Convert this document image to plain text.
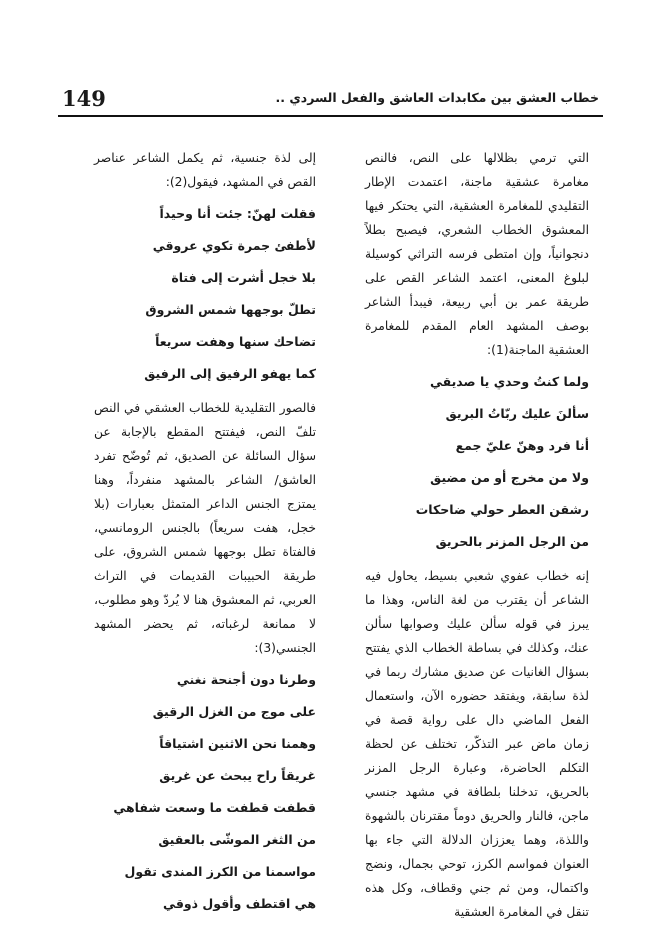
149	خطاب العشق بين مكابدات العاشق والفعل السردي ..

التي ترمي بظلالها على النص، فالنص مغامرة عشقية ماجنة، اعتمدت الإطار التقليدي للمغامرة العشقية، التي يحتكر فيها المعشوق الخطاب الشعري، فيصبح بطلاً دنجوانياً، وإن امتطى فرسه التراثي كوسيلة لبلوغ المعنى، اعتمد الشاعر القص على طريقة عمر بن أبي ربيعة، فيبدأ الشاعر بوصف المشهد العام المقدم للمغامرة العشقية الماجنة(1):

ولما كنتُ وحدي يا صديقي
سألنَ عليك ربّاتُ البريق
أنا فرد وهنّ عليّ جمع
ولا من مخرج أو من مضيق
رشقن العطر حولي ضاحكات
من الرجل المزنر بالحريق

إنه خطاب عفوي شعبي بسيط، يحاول فيه الشاعر أن يقترب من لغة الناس، وهذا ما يبرز في قوله سألن عليك وصوابها سألن عنك، وكذلك في بساطة الخطاب الذي يفتتح بسؤال الغانيات عن صديق مشارك ربما في لذة سابقة، ويفتقد حضوره الآن، واستعمال الفعل الماضي دال على رواية قصة في زمان ماض عبر التذكّر، تختلف عن لحظة التكلم الحاضرة، وعبارة الرجل المزنر بالحريق، تدخلنا بلطافة في مشهد جنسي ماجن، فالنار والحريق دوماً مقترنان بالشهوة واللذة، وهما يعززان الدلالة التي جاء بها العنوان فمواسم الكرز، توحي بجمال، ونضج واكتمال، ومن ثم جني وقطاف، وكل هذه تنقل في المغامرة العشقية

إلى لذة جنسية، ثم يكمل الشاعر عناصر القص في المشهد، فيقول(2):

فقلت لهنّ: جئت أنا وحيداً
لأطفئ جمرة تكوي عروقي
بلا خجل أشرت إلى فتاة
تطلّ بوجهها شمس الشروق
تضاحك سنها وهفت سريعاً
كما يهفو الرفيق إلى الرفيق

فالصور التقليدية للخطاب العشقي في النص تلفّ النص، فيفتتح المقطع بالإجابة عن سؤال السائلة عن الصديق، ثم تُوضّح تفرد العاشق/ الشاعر بالمشهد منفرداً، وهنا يمتزج الجنس الداعر المتمثل بعبارات (بلا خجل، هفت سريعاً) بالجنس الرومانسي، فالفتاة تطل بوجهها شمس الشروق، على طريقة الحبيبات القديمات في التراث العربي، ثم المعشوق هنا لا يُردّ وهو مطلوب، لا ممانعة لرغباته، ثم يحضر المشهد الجنسي(3):

وطرنا دون أجنحة نغني
على موج من الغزل الرقيق
وهمنا نحن الاثنين اشتياقاً
غريقاً راح يبحث عن غريق
قطفت قطفت ما وسعت شفاهي
من الثغر الموشّى بالعقيق
مواسمنا من الكرز المندى تقول
هي اقتطف وأقول ذوقي
